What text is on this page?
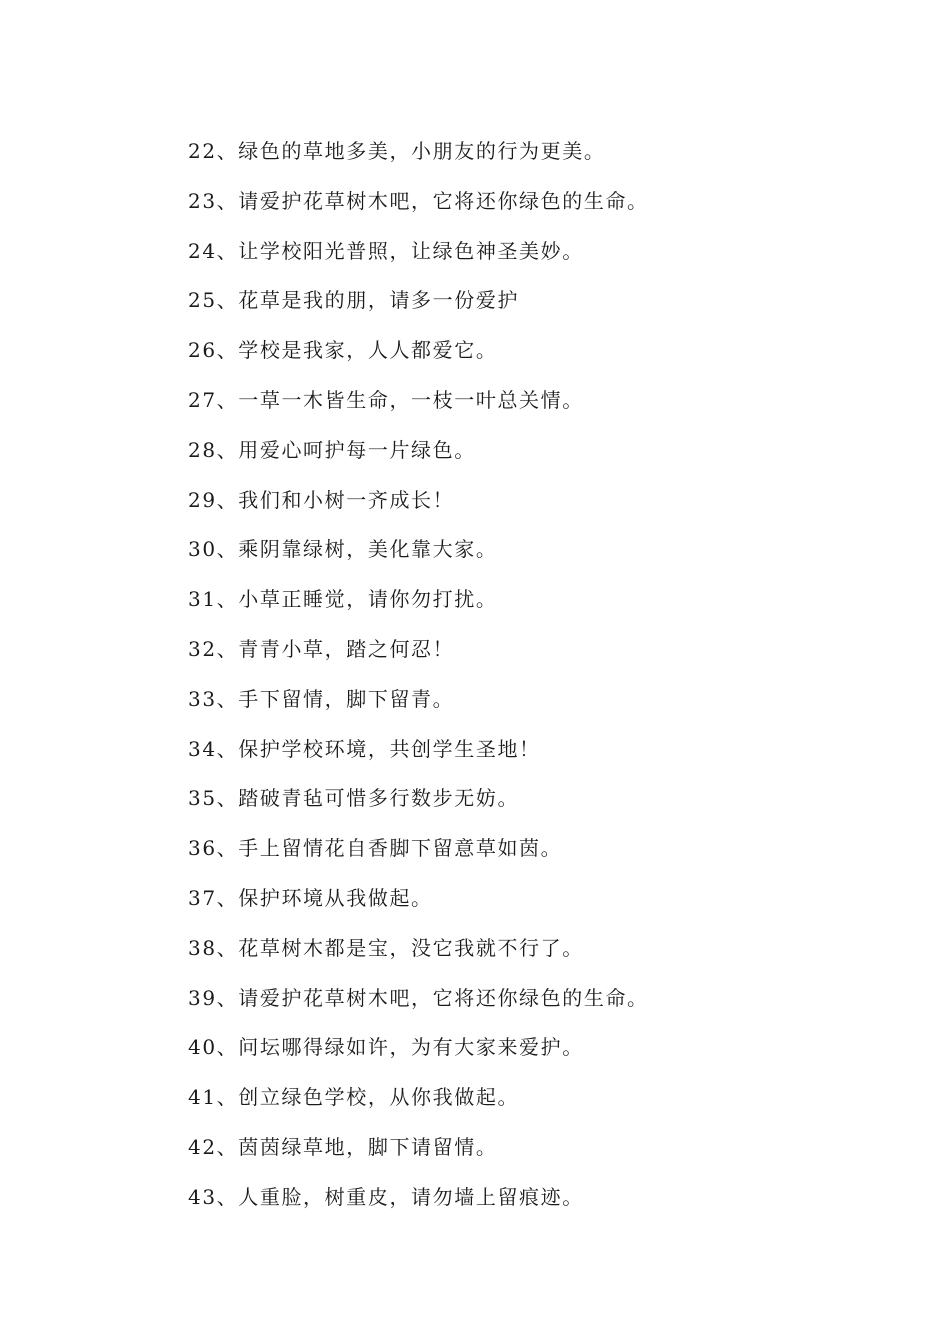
22、绿色的草地多美，小朋友的行为更美。
23、请爱护花草树木吧，它将还你绿色的生命。
24、让学校阳光普照，让绿色神圣美妙。
25、花草是我的朋，请多一份爱护
26、学校是我家，人人都爱它。
27、一草一木皆生命，一枝一叶总关情。
28、用爱心呵护每一片绿色。
29、我们和小树一齐成长！
30、乘阴靠绿树，美化靠大家。
31、小草正睡觉，请你勿打扰。
32、青青小草，踏之何忍！
33、手下留情，脚下留青。
34、保护学校环境，共创学生圣地！
35、踏破青毡可惜多行数步无妨。
36、手上留情花自香脚下留意草如茵。
37、保护环境从我做起。
38、花草树木都是宝，没它我就不行了。
39、请爱护花草树木吧，它将还你绿色的生命。
40、问坛哪得绿如许，为有大家来爱护。
41、创立绿色学校，从你我做起。
42、茵茵绿草地，脚下请留情。
43、人重脸，树重皮，请勿墙上留痕迹。
